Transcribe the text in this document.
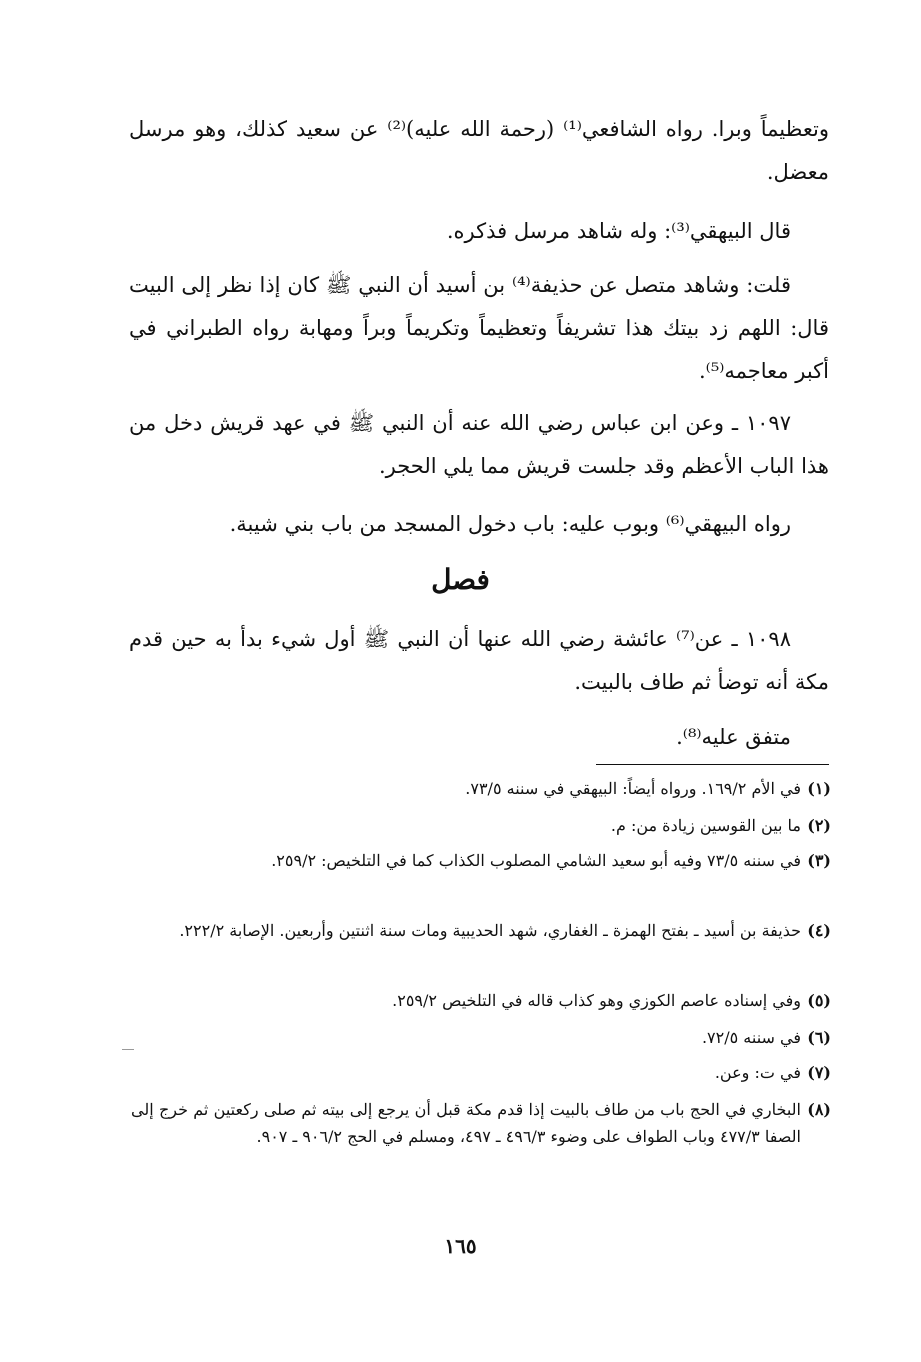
وتعظيماً وبرا. رواه الشافعي⁽¹⁾ (رحمة الله عليه)⁽²⁾ عن سعيد كذلك، وهو مرسل معضل.

قال البيهقي⁽³⁾: وله شاهد مرسل فذكره.

قلت: وشاهد متصل عن حذيفة⁽⁴⁾ بن أسيد أن النبي ﷺ كان إذا نظر إلى البيت قال: اللهم زد بيتك هذا تشريفاً وتعظيماً وتكريماً وبراً ومهابة رواه الطبراني في أكبر معاجمه⁽⁵⁾.

١٠٩٧ ـ وعن ابن عباس رضي الله عنه أن النبي ﷺ في عهد قريش دخل من هذا الباب الأعظم وقد جلست قريش مما يلي الحجر.

رواه البيهقي⁽⁶⁾ وبوب عليه: باب دخول المسجد من باب بني شيبة.

فصل

١٠٩٨ ـ عن⁽⁷⁾ عائشة رضي الله عنها أن النبي ﷺ أول شيء بدأ به حين قدم مكة أنه توضأ ثم طاف بالبيت.

متفق عليه⁽⁸⁾.

(١)
في الأم ١٦٩/٢. ورواه أيضاً: البيهقي في سننه ٧٣/٥.
(٢)
ما بين القوسين زيادة من: م.
(٣)
في سننه ٧٣/٥ وفيه أبو سعيد الشامي المصلوب الكذاب كما في التلخيص: ٢٥٩/٢.
(٤)
حذيفة بن أسيد ـ بفتح الهمزة ـ الغفاري، شهد الحديبية ومات سنة اثنتين وأربعين. الإصابة ٢٢٢/٢.
(٥)
وفي إسناده عاصم الكوزي وهو كذاب قاله في التلخيص ٢٥٩/٢.
(٦)
في سننه ٧٢/٥.
(٧)
في ت: وعن.
(٨)
البخاري في الحج باب من طاف بالبيت إذا قدم مكة قبل أن يرجع إلى بيته ثم صلى ركعتين ثم خرج إلى الصفا ٤٧٧/٣ وباب الطواف على وضوء ٤٩٦/٣ ـ ٤٩٧، ومسلم في الحج ٩٠٦/٢ ـ ٩٠٧.
١٦٥
